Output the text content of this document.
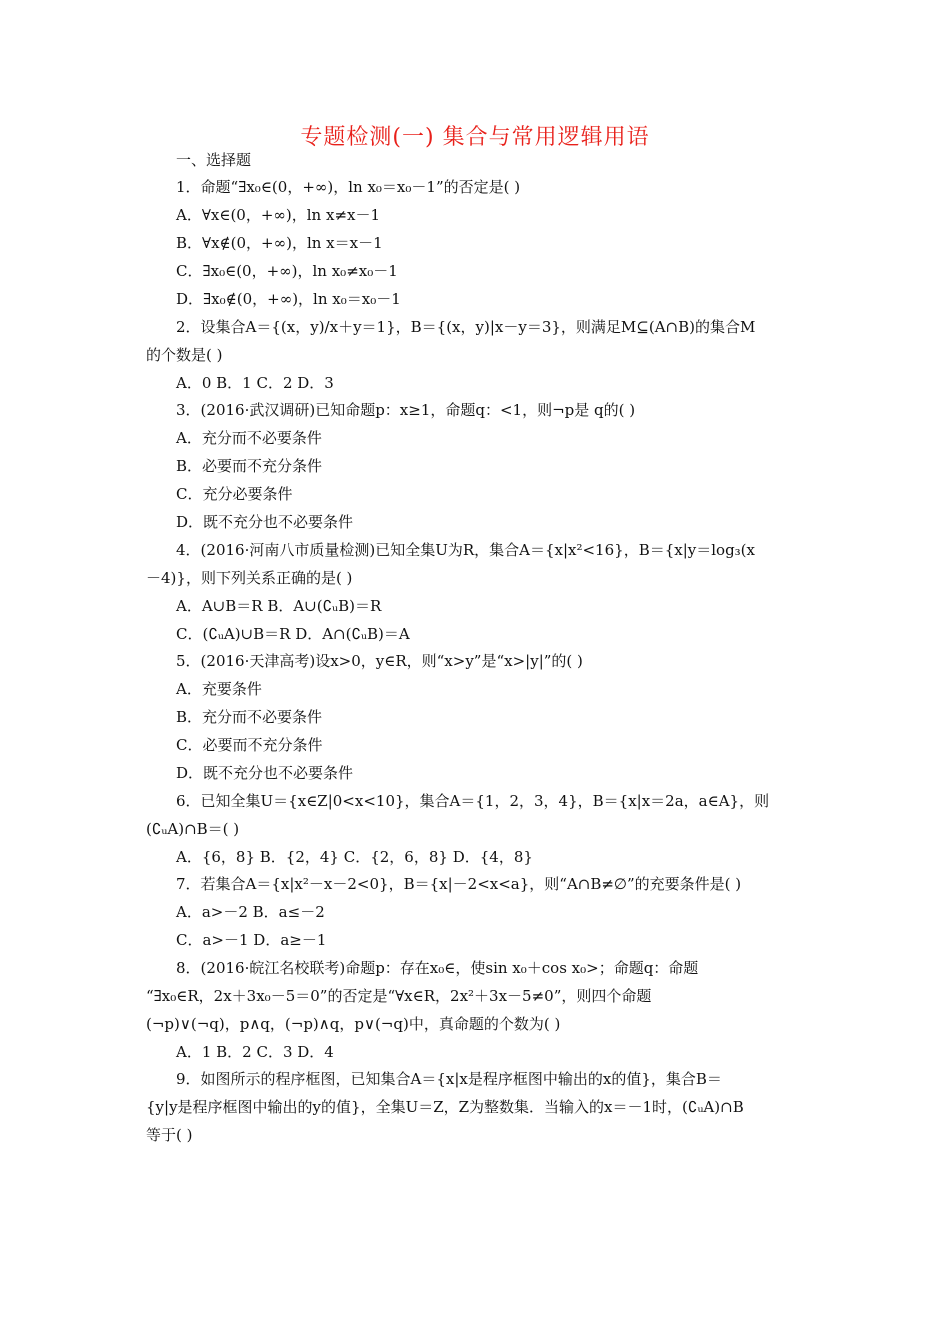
专题检测(一) 集合与常用逻辑用语
一、选择题
1．命题“∃x₀∈(0，+∞)，ln x₀＝x₀－1”的否定是( )
A．∀x∈(0，+∞)，ln x≠x－1
B．∀x∉(0，+∞)，ln x＝x－1
C．∃x₀∈(0，+∞)，ln x₀≠x₀－1
D．∃x₀∉(0，+∞)，ln x₀＝x₀－1
2．设集合A＝{(x，y)/x＋y＝1}，B＝{(x，y)|x－y＝3}，则满足M⊆(A∩B)的集合M
的个数是( )
A．0 B．1 C．2 D．3
3．(2016·武汉调研)已知命题p：x≥1，命题q：<1，则¬p是 q的( )
A．充分而不必要条件
B．必要而不充分条件
C．充分必要条件
D．既不充分也不必要条件
4．(2016·河南八市质量检测)已知全集U为R，集合A＝{x|x²<16}，B＝{x|y＝log₃(x
－4)}，则下列关系正确的是( )
A．A∪B＝R B．A∪(∁ᵤB)＝R
C．(∁ᵤA)∪B＝R D．A∩(∁ᵤB)＝A
5．(2016·天津高考)设x>0，y∈R，则“x>y”是“x>|y|”的( )
A．充要条件
B．充分而不必要条件
C．必要而不充分条件
D．既不充分也不必要条件
6．已知全集U＝{x∈Z|0<x<10}，集合A＝{1，2，3，4}，B＝{x|x＝2a，a∈A}，则
(∁ᵤA)∩B＝( )
A．{6，8} B．{2，4} C．{2，6，8} D．{4，8}
7．若集合A＝{x|x²－x－2<0}，B＝{x|－2<x<a}，则“A∩B≠∅”的充要条件是( )
A．a>－2 B．a≤－2
C．a>－1 D．a≥－1
8．(2016·皖江名校联考)命题p：存在x₀∈，使sin x₀＋cos x₀>；命题q：命题
“∃x₀∈R，2x＋3x₀－5＝0”的否定是“∀x∈R，2x²＋3x－5≠0”，则四个命题
(¬p)∨(¬q)，p∧q，(¬p)∧q，p∨(¬q)中，真命题的个数为( )
A．1 B．2 C．3 D．4
9．如图所示的程序框图，已知集合A＝{x|x是程序框图中输出的x的值}，集合B＝
{y|y是程序框图中输出的y的值}，全集U＝Z，Z为整数集．当输入的x＝－1时，(∁ᵤA)∩B
等于( )
